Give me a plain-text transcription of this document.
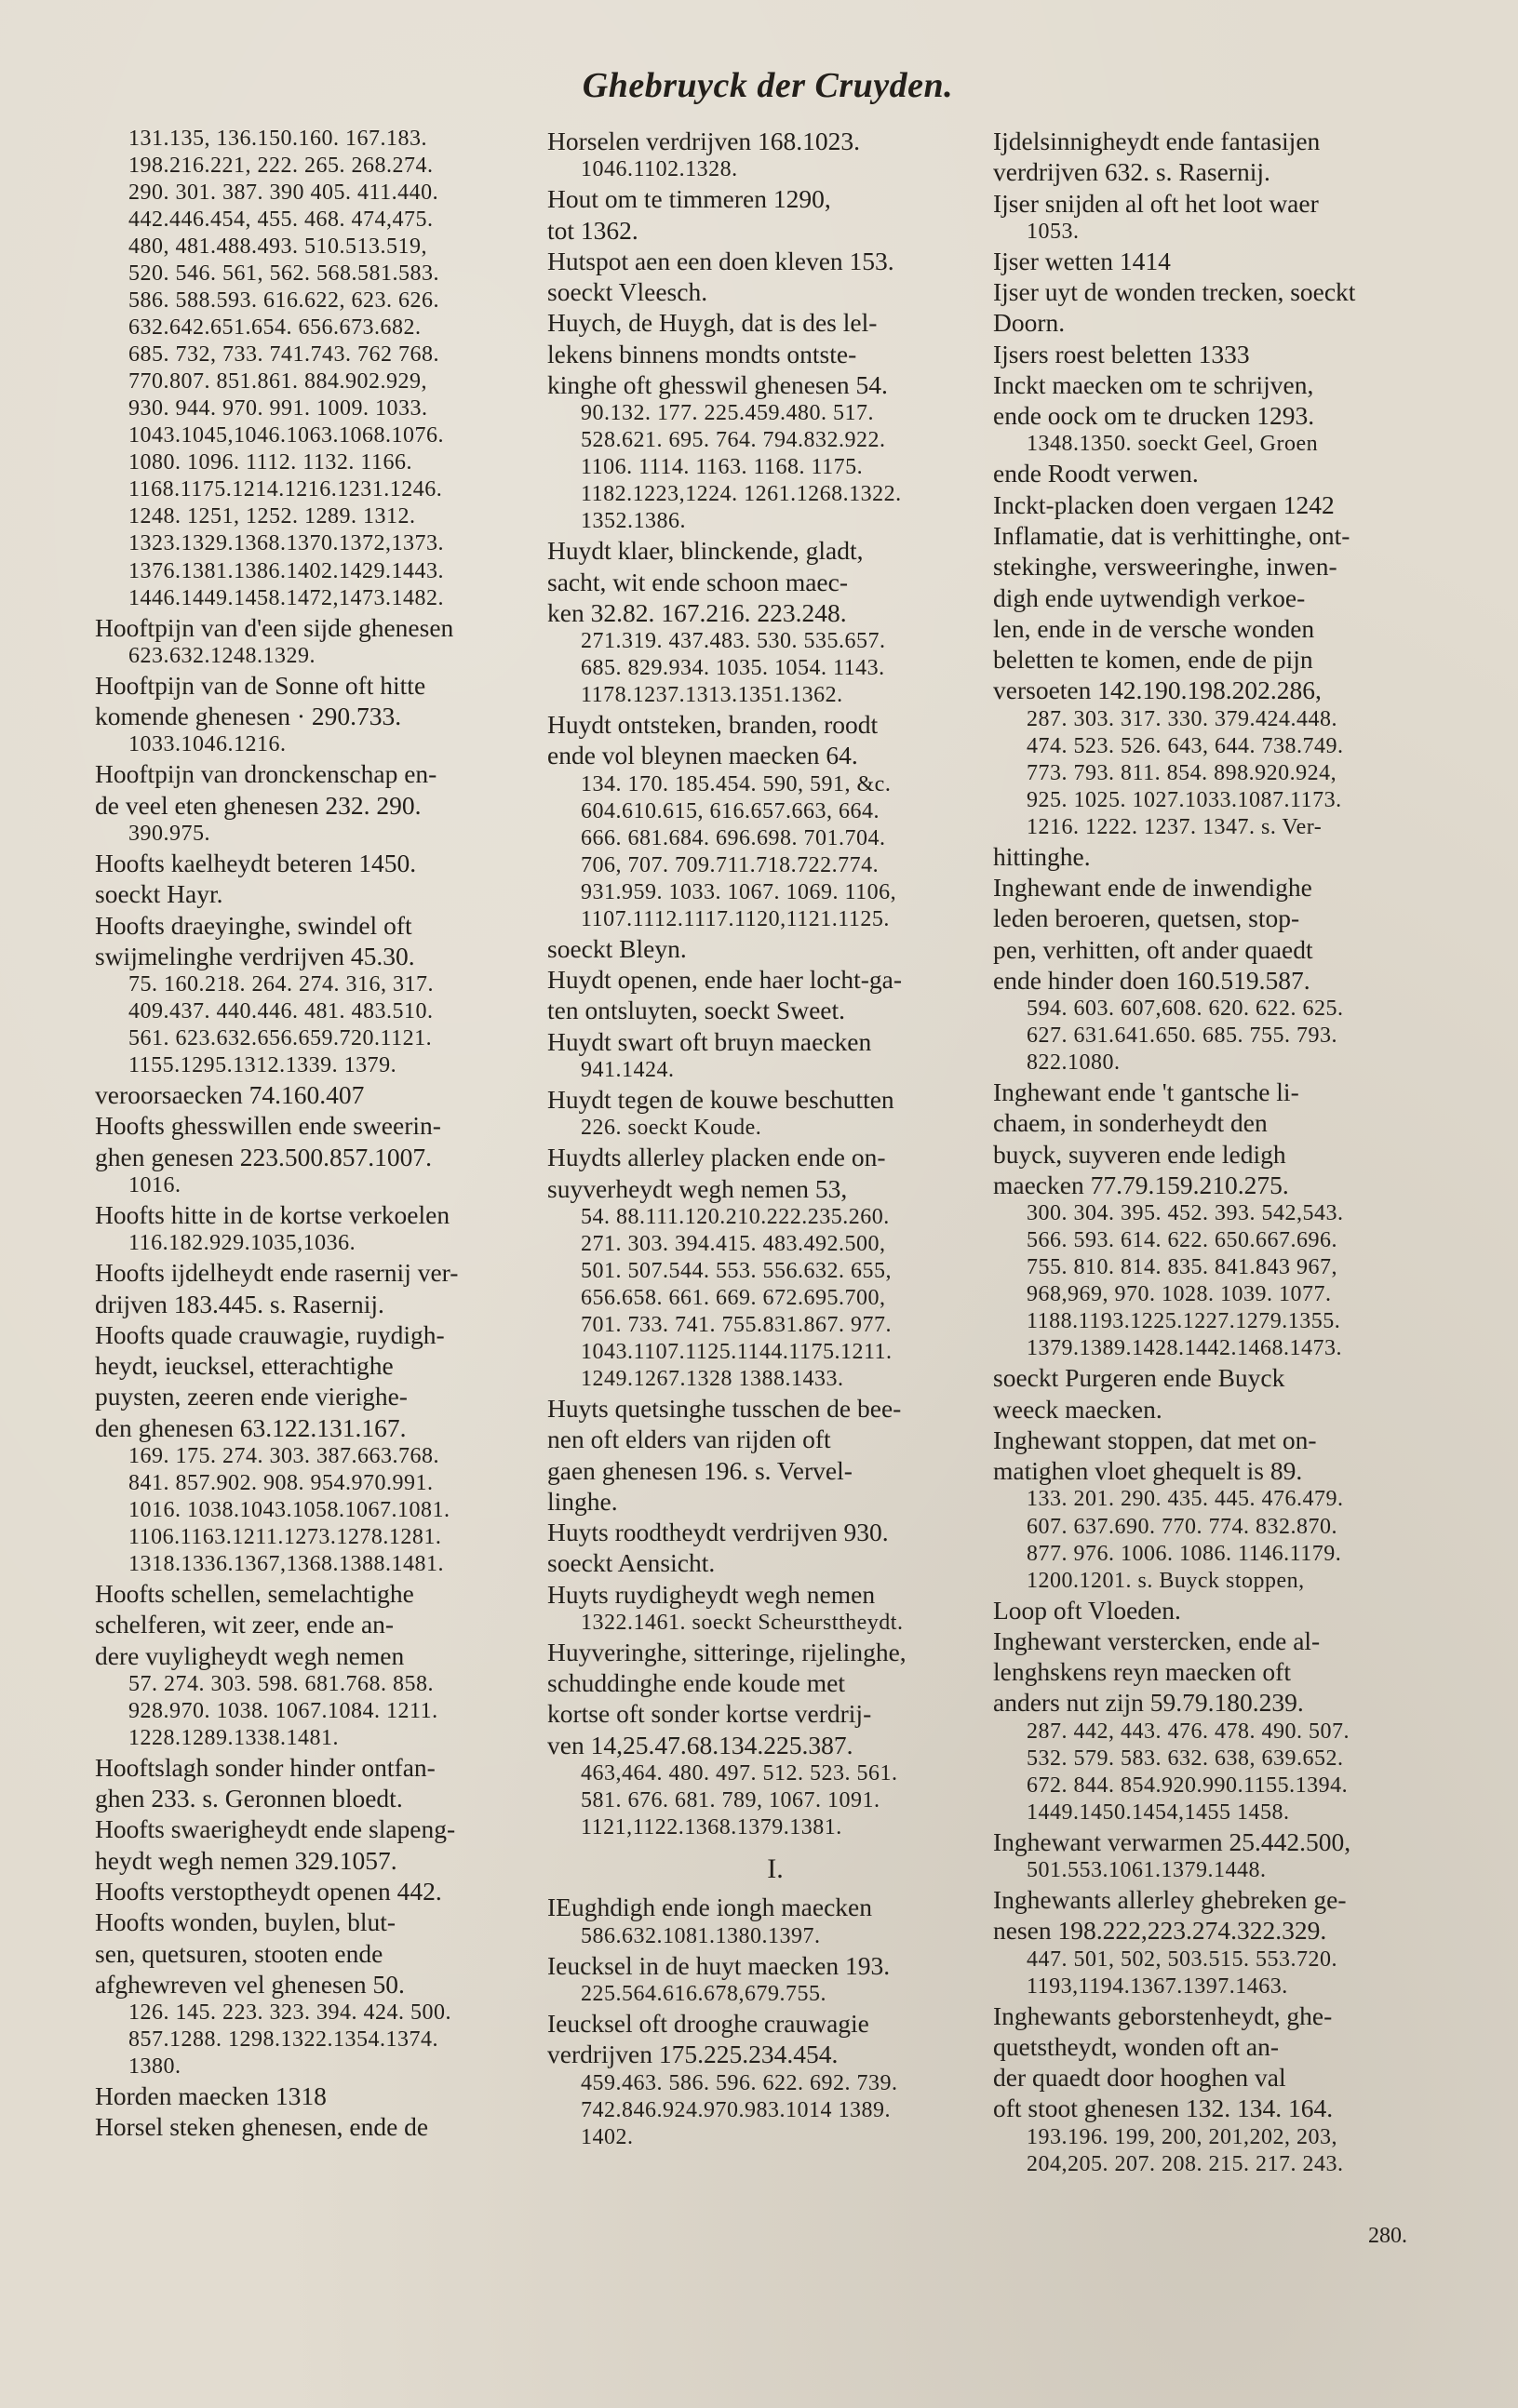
Ghebruyck der Cruyden.
131.135, 136.150.160. 167.183.
198.216.221, 222. 265. 268.274.
290. 301. 387. 390 405. 411.440.
442.446.454, 455. 468. 474,475.
480, 481.488.493. 510.513.519,
520. 546. 561, 562. 568.581.583.
586. 588.593. 616.622, 623. 626.
632.642.651.654. 656.673.682.
685. 732, 733. 741.743. 762 768.
770.807. 851.861. 884.902.929,
930. 944. 970. 991. 1009. 1033.
1043.1045,1046.1063.1068.1076.
1080. 1096. 1112. 1132. 1166.
1168.1175.1214.1216.1231.1246.
1248. 1251, 1252. 1289. 1312.
1323.1329.1368.1370.1372,1373.
1376.1381.1386.1402.1429.1443.
1446.1449.1458.1472,1473.1482.
Hooftpijn van d'een sijde ghenesen
623.632.1248.1329.
Hooftpijn van de Sonne oft hitte
komende ghenesen · 290.733.
1033.1046.1216.
Hooftpijn van dronckenschap en-
de veel eten ghenesen 232. 290.
390.975.
Hoofts kaelheydt beteren 1450.
soeckt Hayr.
Hoofts draeyinghe, swindel oft
swijmelinghe verdrijven 45.30.
75. 160.218. 264. 274. 316, 317.
409.437. 440.446. 481. 483.510.
561. 623.632.656.659.720.1121.
1155.1295.1312.1339. 1379.
veroorsaecken 74.160.407
Hoofts ghesswillen ende sweerin-
ghen genesen 223.500.857.1007.
1016.
Hoofts hitte in de kortse verkoelen
116.182.929.1035,1036.
Hoofts ijdelheydt ende rasernij ver-
drijven 183.445. s. Rasernij.
Hoofts quade crauwagie, ruydigh-
heydt, ieucksel, etterachtighe
puysten, zeeren ende vierighe-
den ghenesen 63.122.131.167.
169. 175. 274. 303. 387.663.768.
841. 857.902. 908. 954.970.991.
1016. 1038.1043.1058.1067.1081.
1106.1163.1211.1273.1278.1281.
1318.1336.1367,1368.1388.1481.
Hoofts schellen, semelachtighe
schelferen, wit zeer, ende an-
dere vuyligheydt wegh nemen
57. 274. 303. 598. 681.768. 858.
928.970. 1038. 1067.1084. 1211.
1228.1289.1338.1481.
Hooftslagh sonder hinder ontfan-
ghen 233. s. Geronnen bloedt.
Hoofts swaerigheydt ende slapeng-
heydt wegh nemen 329.1057.
Hoofts verstoptheydt openen 442.
Hoofts wonden, buylen, blut-
sen, quetsuren, stooten ende
afghewreven vel ghenesen 50.
126. 145. 223. 323. 394. 424. 500.
857.1288. 1298.1322.1354.1374.
1380.
Horden maecken 1318
Horsel steken ghenesen, ende de
Horselen verdrijven 168.1023.
1046.1102.1328.
Hout om te timmeren 1290,
tot 1362.
Hutspot aen een doen kleven 153.
soeckt Vleesch.
Huych, de Huygh, dat is des lel-
lekens binnens mondts ontste-
kinghe oft ghesswil ghenesen 54.
90.132. 177. 225.459.480. 517.
528.621. 695. 764. 794.832.922.
1106. 1114. 1163. 1168. 1175.
1182.1223,1224. 1261.1268.1322.
1352.1386.
Huydt klaer, blinckende, gladt,
sacht, wit ende schoon maec-
ken 32.82. 167.216. 223.248.
271.319. 437.483. 530. 535.657.
685. 829.934. 1035. 1054. 1143.
1178.1237.1313.1351.1362.
Huydt ontsteken, branden, roodt
ende vol bleynen maecken 64.
134. 170. 185.454. 590, 591, &c.
604.610.615, 616.657.663, 664.
666. 681.684. 696.698. 701.704.
706, 707. 709.711.718.722.774.
931.959. 1033. 1067. 1069. 1106,
1107.1112.1117.1120,1121.1125.
soeckt Bleyn.
Huydt openen, ende haer locht-ga-
ten ontsluyten, soeckt Sweet.
Huydt swart oft bruyn maecken
941.1424.
Huydt tegen de kouwe beschutten
226. soeckt Koude.
Huydts allerley placken ende on-
suyverheydt wegh nemen 53,
54. 88.111.120.210.222.235.260.
271. 303. 394.415. 483.492.500,
501. 507.544. 553. 556.632. 655,
656.658. 661. 669. 672.695.700,
701. 733. 741. 755.831.867. 977.
1043.1107.1125.1144.1175.1211.
1249.1267.1328 1388.1433.
Huyts quetsinghe tusschen de bee-
nen oft elders van rijden oft
gaen ghenesen 196. s. Vervel-
linghe.
Huyts roodtheydt verdrijven 930.
soeckt Aensicht.
Huyts ruydigheydt wegh nemen
1322.1461. soeckt Scheursttheydt.
Huyveringhe, sitteringe, rijelinghe,
schuddinghe ende koude met
kortse oft sonder kortse verdrij-
ven 14,25.47.68.134.225.387.
463,464. 480. 497. 512. 523. 561.
581. 676. 681. 789, 1067. 1091.
1121,1122.1368.1379.1381.
I.
IEughdigh ende iongh maecken
586.632.1081.1380.1397.
Ieucksel in de huyt maecken 193.
225.564.616.678,679.755.
Ieucksel oft drooghe crauwagie
verdrijven 175.225.234.454.
459.463. 586. 596. 622. 692. 739.
742.846.924.970.983.1014 1389.
1402.
Ijdelsinnigheydt ende fantasijen
verdrijven 632. s. Rasernij.
Ijser snijden al oft het loot waer
1053.
Ijser wetten 1414
Ijser uyt de wonden trecken, soeckt
Doorn.
Ijsers roest beletten 1333
Inckt maecken om te schrijven,
ende oock om te drucken 1293.
1348.1350. soeckt Geel, Groen
ende Roodt verwen.
Inckt-placken doen vergaen 1242
Inflamatie, dat is verhittinghe, ont-
stekinghe, versweeringhe, inwen-
digh ende uytwendigh verkoe-
len, ende in de versche wonden
beletten te komen, ende de pijn
versoeten 142.190.198.202.286,
287. 303. 317. 330. 379.424.448.
474. 523. 526. 643, 644. 738.749.
773. 793. 811. 854. 898.920.924,
925. 1025. 1027.1033.1087.1173.
1216. 1222. 1237. 1347. s. Ver-
hittinghe.
Inghewant ende de inwendighe
leden beroeren, quetsen, stop-
pen, verhitten, oft ander quaedt
ende hinder doen 160.519.587.
594. 603. 607,608. 620. 622. 625.
627. 631.641.650. 685. 755. 793.
822.1080.
Inghewant ende 't gantsche li-
chaem, in sonderheydt den
buyck, suyveren ende ledigh
maecken 77.79.159.210.275.
300. 304. 395. 452. 393. 542,543.
566. 593. 614. 622. 650.667.696.
755. 810. 814. 835. 841.843 967,
968,969, 970. 1028. 1039. 1077.
1188.1193.1225.1227.1279.1355.
1379.1389.1428.1442.1468.1473.
soeckt Purgeren ende Buyck
weeck maecken.
Inghewant stoppen, dat met on-
matighen vloet ghequelt is 89.
133. 201. 290. 435. 445. 476.479.
607. 637.690. 770. 774. 832.870.
877. 976. 1006. 1086. 1146.1179.
1200.1201. s. Buyck stoppen,
Loop oft Vloeden.
Inghewant verstercken, ende al-
lenghskens reyn maecken oft
anders nut zijn 59.79.180.239.
287. 442, 443. 476. 478. 490. 507.
532. 579. 583. 632. 638, 639.652.
672. 844. 854.920.990.1155.1394.
1449.1450.1454,1455 1458.
Inghewant verwarmen 25.442.500,
501.553.1061.1379.1448.
Inghewants allerley ghebreken ge-
nesen 198.222,223.274.322.329.
447. 501, 502, 503.515. 553.720.
1193,1194.1367.1397.1463.
Inghewants geborstenheydt, ghe-
quetstheydt, wonden oft an-
der quaedt door hooghen val
oft stoot ghenesen 132. 134. 164.
193.196. 199, 200, 201,202, 203,
204,205. 207. 208. 215. 217. 243.
280.
